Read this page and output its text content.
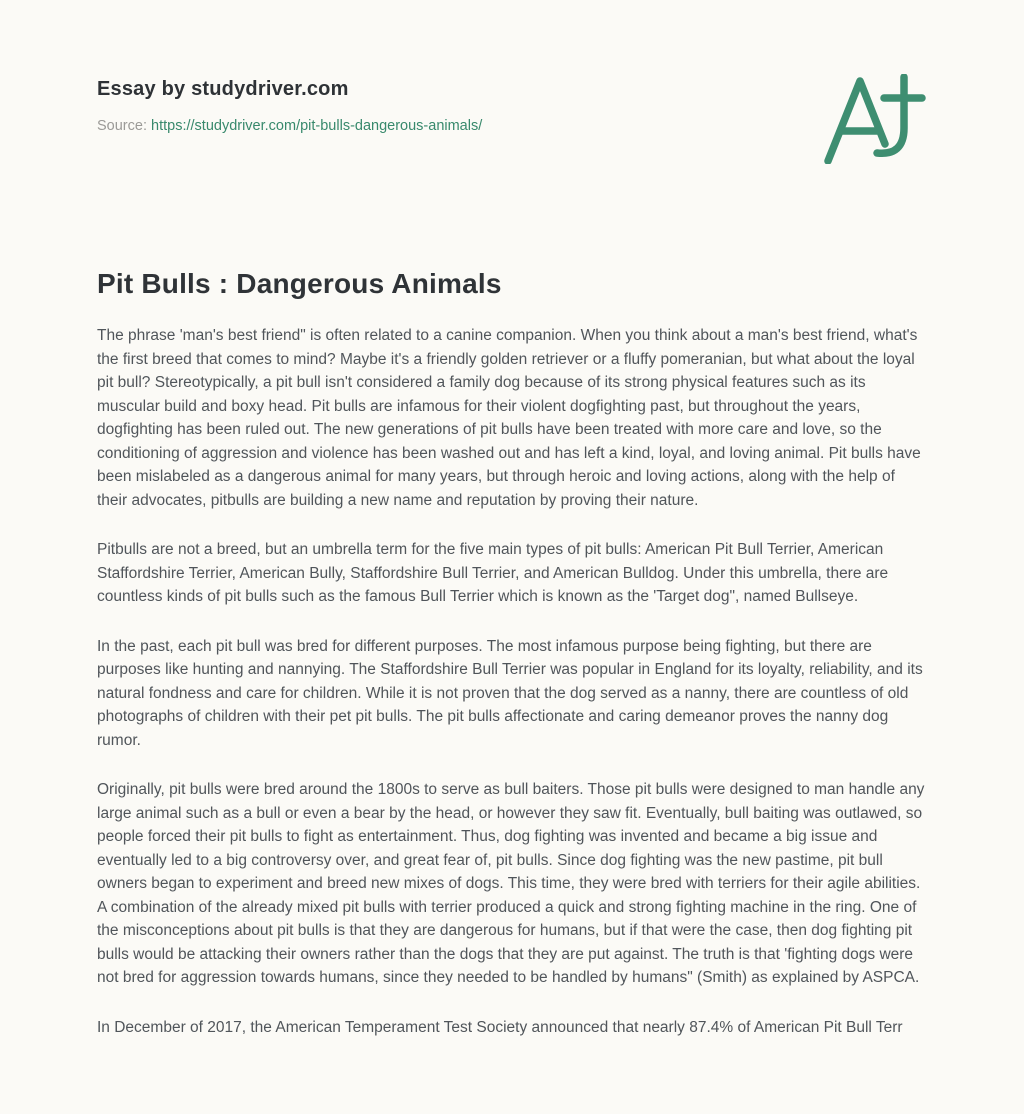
Essay by studydriver.com
Source: https://studydriver.com/pit-bulls-dangerous-animals/
Pit Bulls : Dangerous Animals

The phrase 'man's best friend" is often related to a canine companion. When you think about a man's best friend, what's the first breed that comes to mind? Maybe it's a friendly golden retriever or a fluffy pomeranian, but what about the loyal pit bull? Stereotypically, a pit bull isn't considered a family dog because of its strong physical features such as its muscular build and boxy head. Pit bulls are infamous for their violent dogfighting past, but throughout the years, dogfighting has been ruled out. The new generations of pit bulls have been treated with more care and love, so the conditioning of aggression and violence has been washed out and has left a kind, loyal, and loving animal. Pit bulls have been mislabeled as a dangerous animal for many years, but through heroic and loving actions, along with the help of their advocates, pitbulls are building a new name and reputation by proving their nature.

Pitbulls are not a breed, but an umbrella term for the five main types of pit bulls: American Pit Bull Terrier, American Staffordshire Terrier, American Bully, Staffordshire Bull Terrier, and American Bulldog. Under this umbrella, there are countless kinds of pit bulls such as the famous Bull Terrier which is known as the 'Target dog", named Bullseye.

In the past, each pit bull was bred for different purposes. The most infamous purpose being fighting, but there are purposes like hunting and nannying. The Staffordshire Bull Terrier was popular in England for its loyalty, reliability, and its natural fondness and care for children. While it is not proven that the dog served as a nanny, there are countless of old photographs of children with their pet pit bulls. The pit bulls affectionate and caring demeanor proves the nanny dog rumor.

Originally, pit bulls were bred around the 1800s to serve as bull baiters. Those pit bulls were designed to man handle any large animal such as a bull or even a bear by the head, or however they saw fit. Eventually, bull baiting was outlawed, so people forced their pit bulls to fight as entertainment. Thus, dog fighting was invented and became a big issue and eventually led to a big controversy over, and great fear of, pit bulls. Since dog fighting was the new pastime, pit bull owners began to experiment and breed new mixes of dogs. This time, they were bred with terriers for their agile abilities. A combination of the already mixed pit bulls with terrier produced a quick and strong fighting machine in the ring. One of the misconceptions about pit bulls is that they are dangerous for humans, but if that were the case, then dog fighting pit bulls would be attacking their owners rather than the dogs that they are put against. The truth is that 'fighting dogs were not bred for aggression towards humans, since they needed to be handled by humans" (Smith) as explained by ASPCA.

In December of 2017, the American Temperament Test Society announced that nearly 87.4% of American Pit Bull Terr
